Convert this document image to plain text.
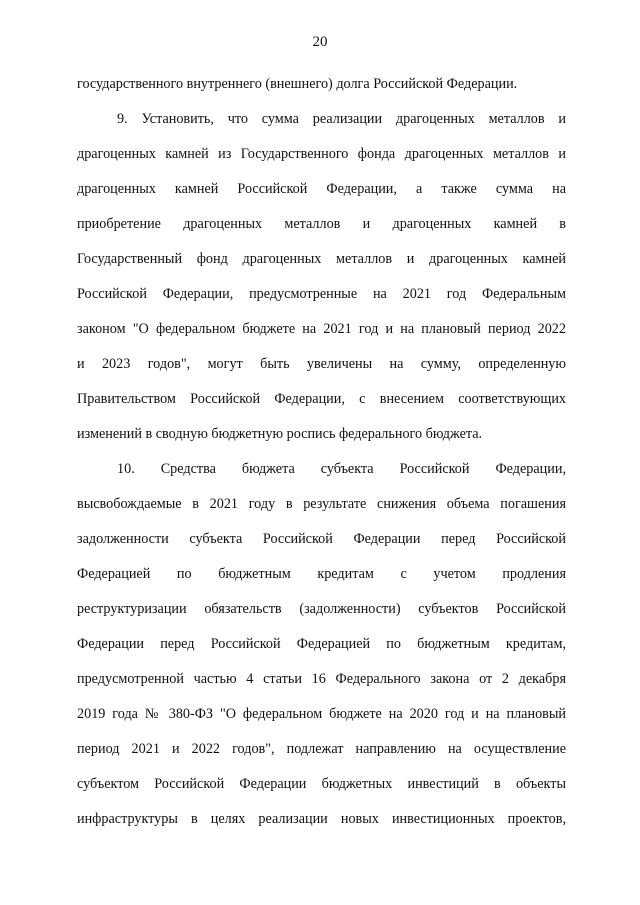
20
государственного внутреннего (внешнего) долга Российской Федерации.
9. Установить, что сумма реализации драгоценных металлов и
драгоценных камней из Государственного фонда драгоценных металлов и
драгоценных камней Российской Федерации, а также сумма на
приобретение драгоценных металлов и драгоценных камней в
Государственный фонд драгоценных металлов и драгоценных камней
Российской Федерации, предусмотренные на 2021 год Федеральным
законом "О федеральном бюджете на 2021 год и на плановый период 2022
и 2023 годов", могут быть увеличены на сумму, определенную
Правительством Российской Федерации, с внесением соответствующих
изменений в сводную бюджетную роспись федерального бюджета.
10. Средства бюджета субъекта Российской Федерации,
высвобождаемые в 2021 году в результате снижения объема погашения
задолженности субъекта Российской Федерации перед Российской
Федерацией по бюджетным кредитам с учетом продления
реструктуризации обязательств (задолженности) субъектов Российской
Федерации перед Российской Федерацией по бюджетным кредитам,
предусмотренной частью 4 статьи 16 Федерального закона от 2 декабря
2019 года № 380-ФЗ "О федеральном бюджете на 2020 год и на плановый
период 2021 и 2022 годов", подлежат направлению на осуществление
субъектом Российской Федерации бюджетных инвестиций в объекты
инфраструктуры в целях реализации новых инвестиционных проектов,
